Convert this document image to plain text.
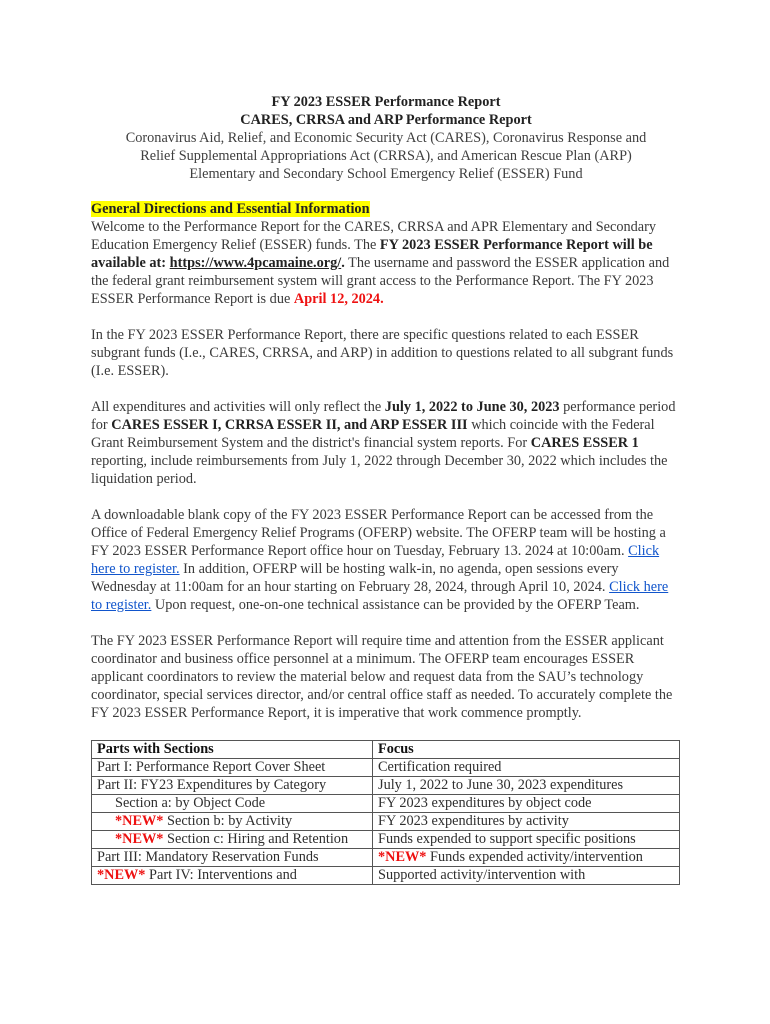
FY 2023 ESSER Performance Report
CARES, CRRSA and ARP Performance Report
Coronavirus Aid, Relief, and Economic Security Act (CARES), Coronavirus Response and
Relief Supplemental Appropriations Act (CRRSA), and American Rescue Plan (ARP)
Elementary and Secondary School Emergency Relief (ESSER) Fund
General Directions and Essential Information

Welcome to the Performance Report for the CARES, CRRSA and APR Elementary and Secondary Education Emergency Relief (ESSER) funds. The FY 2023 ESSER Performance Report will be available at: https://www.4pcamaine.org/. The username and password the ESSER application and the federal grant reimbursement system will grant access to the Performance Report. The FY 2023 ESSER Performance Report is due April 12, 2024.

In the FY 2023 ESSER Performance Report, there are specific questions related to each ESSER subgrant funds (I.e., CARES, CRRSA, and ARP) in addition to questions related to all subgrant funds (I.e. ESSER).

All expenditures and activities will only reflect the July 1, 2022 to June 30, 2023 performance period for CARES ESSER I, CRRSA ESSER II, and ARP ESSER III which coincide with the Federal Grant Reimbursement System and the district's financial system reports. For CARES ESSER 1 reporting, include reimbursements from July 1, 2022 through December 30, 2022 which includes the liquidation period.

A downloadable blank copy of the FY 2023 ESSER Performance Report can be accessed from the Office of Federal Emergency Relief Programs (OFERP) website. The OFERP team will be hosting a FY 2023 ESSER Performance Report office hour on Tuesday, February 13. 2024 at 10:00am. Click here to register. In addition, OFERP will be hosting walk-in, no agenda, open sessions every Wednesday at 11:00am for an hour starting on February 28, 2024, through April 10, 2024. Click here to register. Upon request, one-on-one technical assistance can be provided by the OFERP Team.

The FY 2023 ESSER Performance Report will require time and attention from the ESSER applicant coordinator and business office personnel at a minimum. The OFERP team encourages ESSER applicant coordinators to review the material below and request data from the SAU’s technology coordinator, special services director, and/or central office staff as needed. To accurately complete the FY 2023 ESSER Performance Report, it is imperative that work commence promptly.

Parts with Sections	Focus
Part I: Performance Report Cover Sheet	Certification required
Part II: FY23 Expenditures by Category	July 1, 2022 to June 30, 2023 expenditures
Section a: by Object Code	FY 2023 expenditures by object code
*NEW* Section b: by Activity	FY 2023 expenditures by activity
*NEW* Section c: Hiring and Retention	Funds expended to support specific positions
Part III: Mandatory Reservation Funds	*NEW* Funds expended activity/intervention
*NEW* Part IV: Interventions and	Supported activity/intervention with
